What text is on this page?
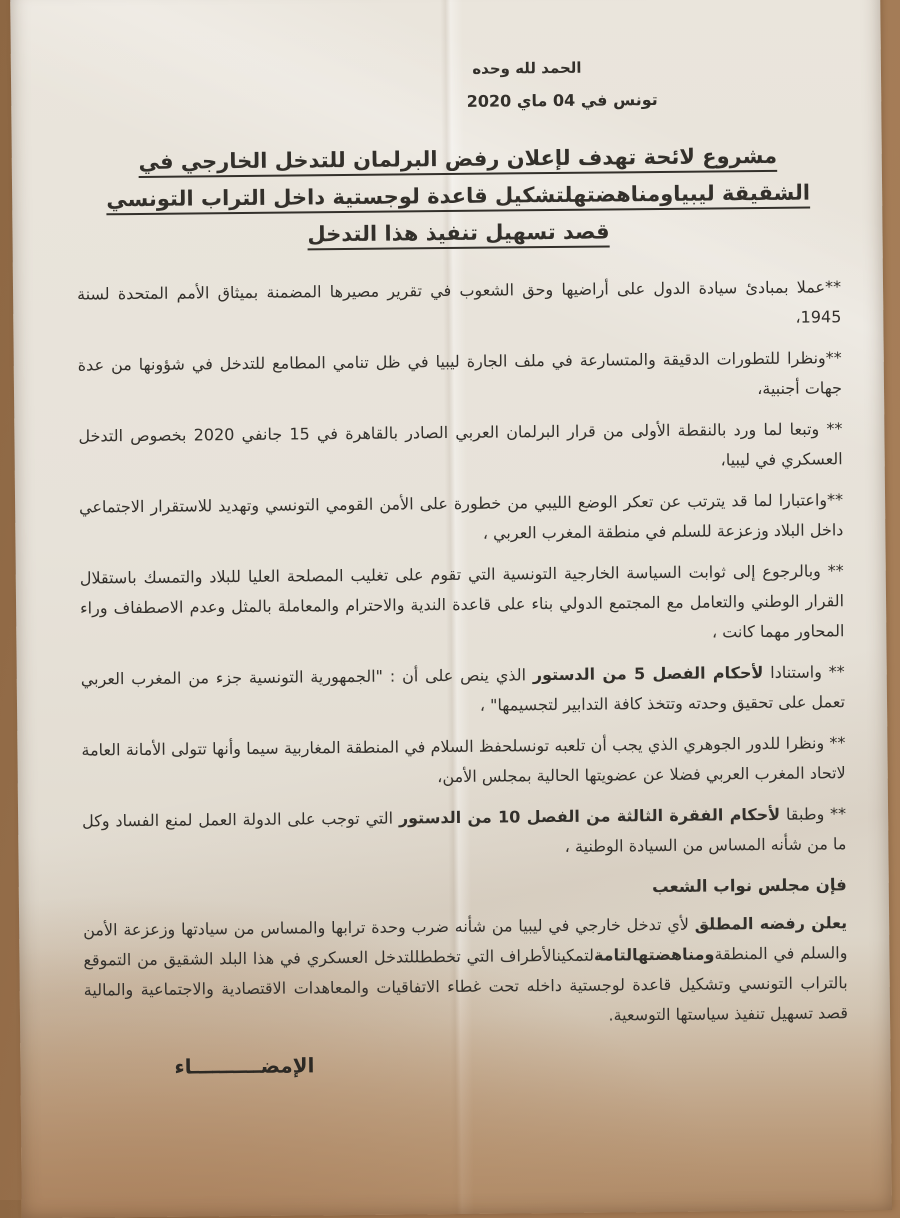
الحمد لله وحده
تونس في 04 ماي 2020
مشروع لائحة تهدف لإعلان رفض البرلمان للتدخل الخارجي في
الشقيقة ليبياومناهضتهلتشكيل قاعدة لوجستية داخل التراب التونسي
قصد تسهيل تنفيذ هذا التدخل

**عملا بمبادئ سيادة الدول على أراضيها وحق الشعوب في تقرير مصيرها المضمنة بميثاق الأمم المتحدة لسنة 1945،

**ونظرا للتطورات الدقيقة والمتسارعة في ملف الجارة ليبيا في ظل تنامي المطامع للتدخل في شؤونها من عدة جهات أجنبية،

** وتبعا لما ورد بالنقطة الأولى من قرار البرلمان العربي الصادر بالقاهرة في 15 جانفي 2020 بخصوص التدخل العسكري في ليبيا،

**واعتبارا لما قد يترتب عن تعكر الوضع الليبي من خطورة على الأمن القومي التونسي وتهديد للاستقرار الاجتماعي داخل البلاد وزعزعة للسلم في منطقة المغرب العربي ،

** وبالرجوع إلى ثوابت السياسة الخارجية التونسية التي تقوم على تغليب المصلحة العليا للبلاد والتمسك باستقلال القرار الوطني والتعامل مع المجتمع الدولي بناء على قاعدة الندية والاحترام والمعاملة بالمثل وعدم الاصطفاف وراء المحاور مهما كانت ،

** واستنادا لأحكام الفصل 5 من الدستور الذي ينص على أن : "الجمهورية التونسية جزء من المغرب العربي تعمل على تحقيق وحدته وتتخذ كافة التدابير لتجسيمها" ،

** ونظرا للدور الجوهري الذي يجب أن تلعبه تونسلحفظ السلام في المنطقة المغاربية سيما وأنها تتولى الأمانة العامة لاتحاد المغرب العربي فضلا عن عضويتها الحالية بمجلس الأمن،

** وطبقا لأحكام الفقرة الثالثة من الفصل 10 من الدستور التي توجب على الدولة العمل لمنع الفساد وكل ما من شأنه المساس من السيادة الوطنية ،

فإن مجلس نواب الشعب

يعلن رفضه المطلق لأي تدخل خارجي في ليبيا من شأنه ضرب وحدة ترابها والمساس من سيادتها وزعزعة الأمن والسلم في المنطقةومناهضتهالتامةلتمكينالأطراف التي تخططللتدخل العسكري في هذا البلد الشقيق من التموقع بالتراب التونسي وتشكيل قاعدة لوجستية داخله تحت غطاء الاتفاقيات والمعاهدات الاقتصادية والاجتماعية والمالية قصد تسهيل تنفيذ سياستها التوسعية.

الإمضــــــــــاء
